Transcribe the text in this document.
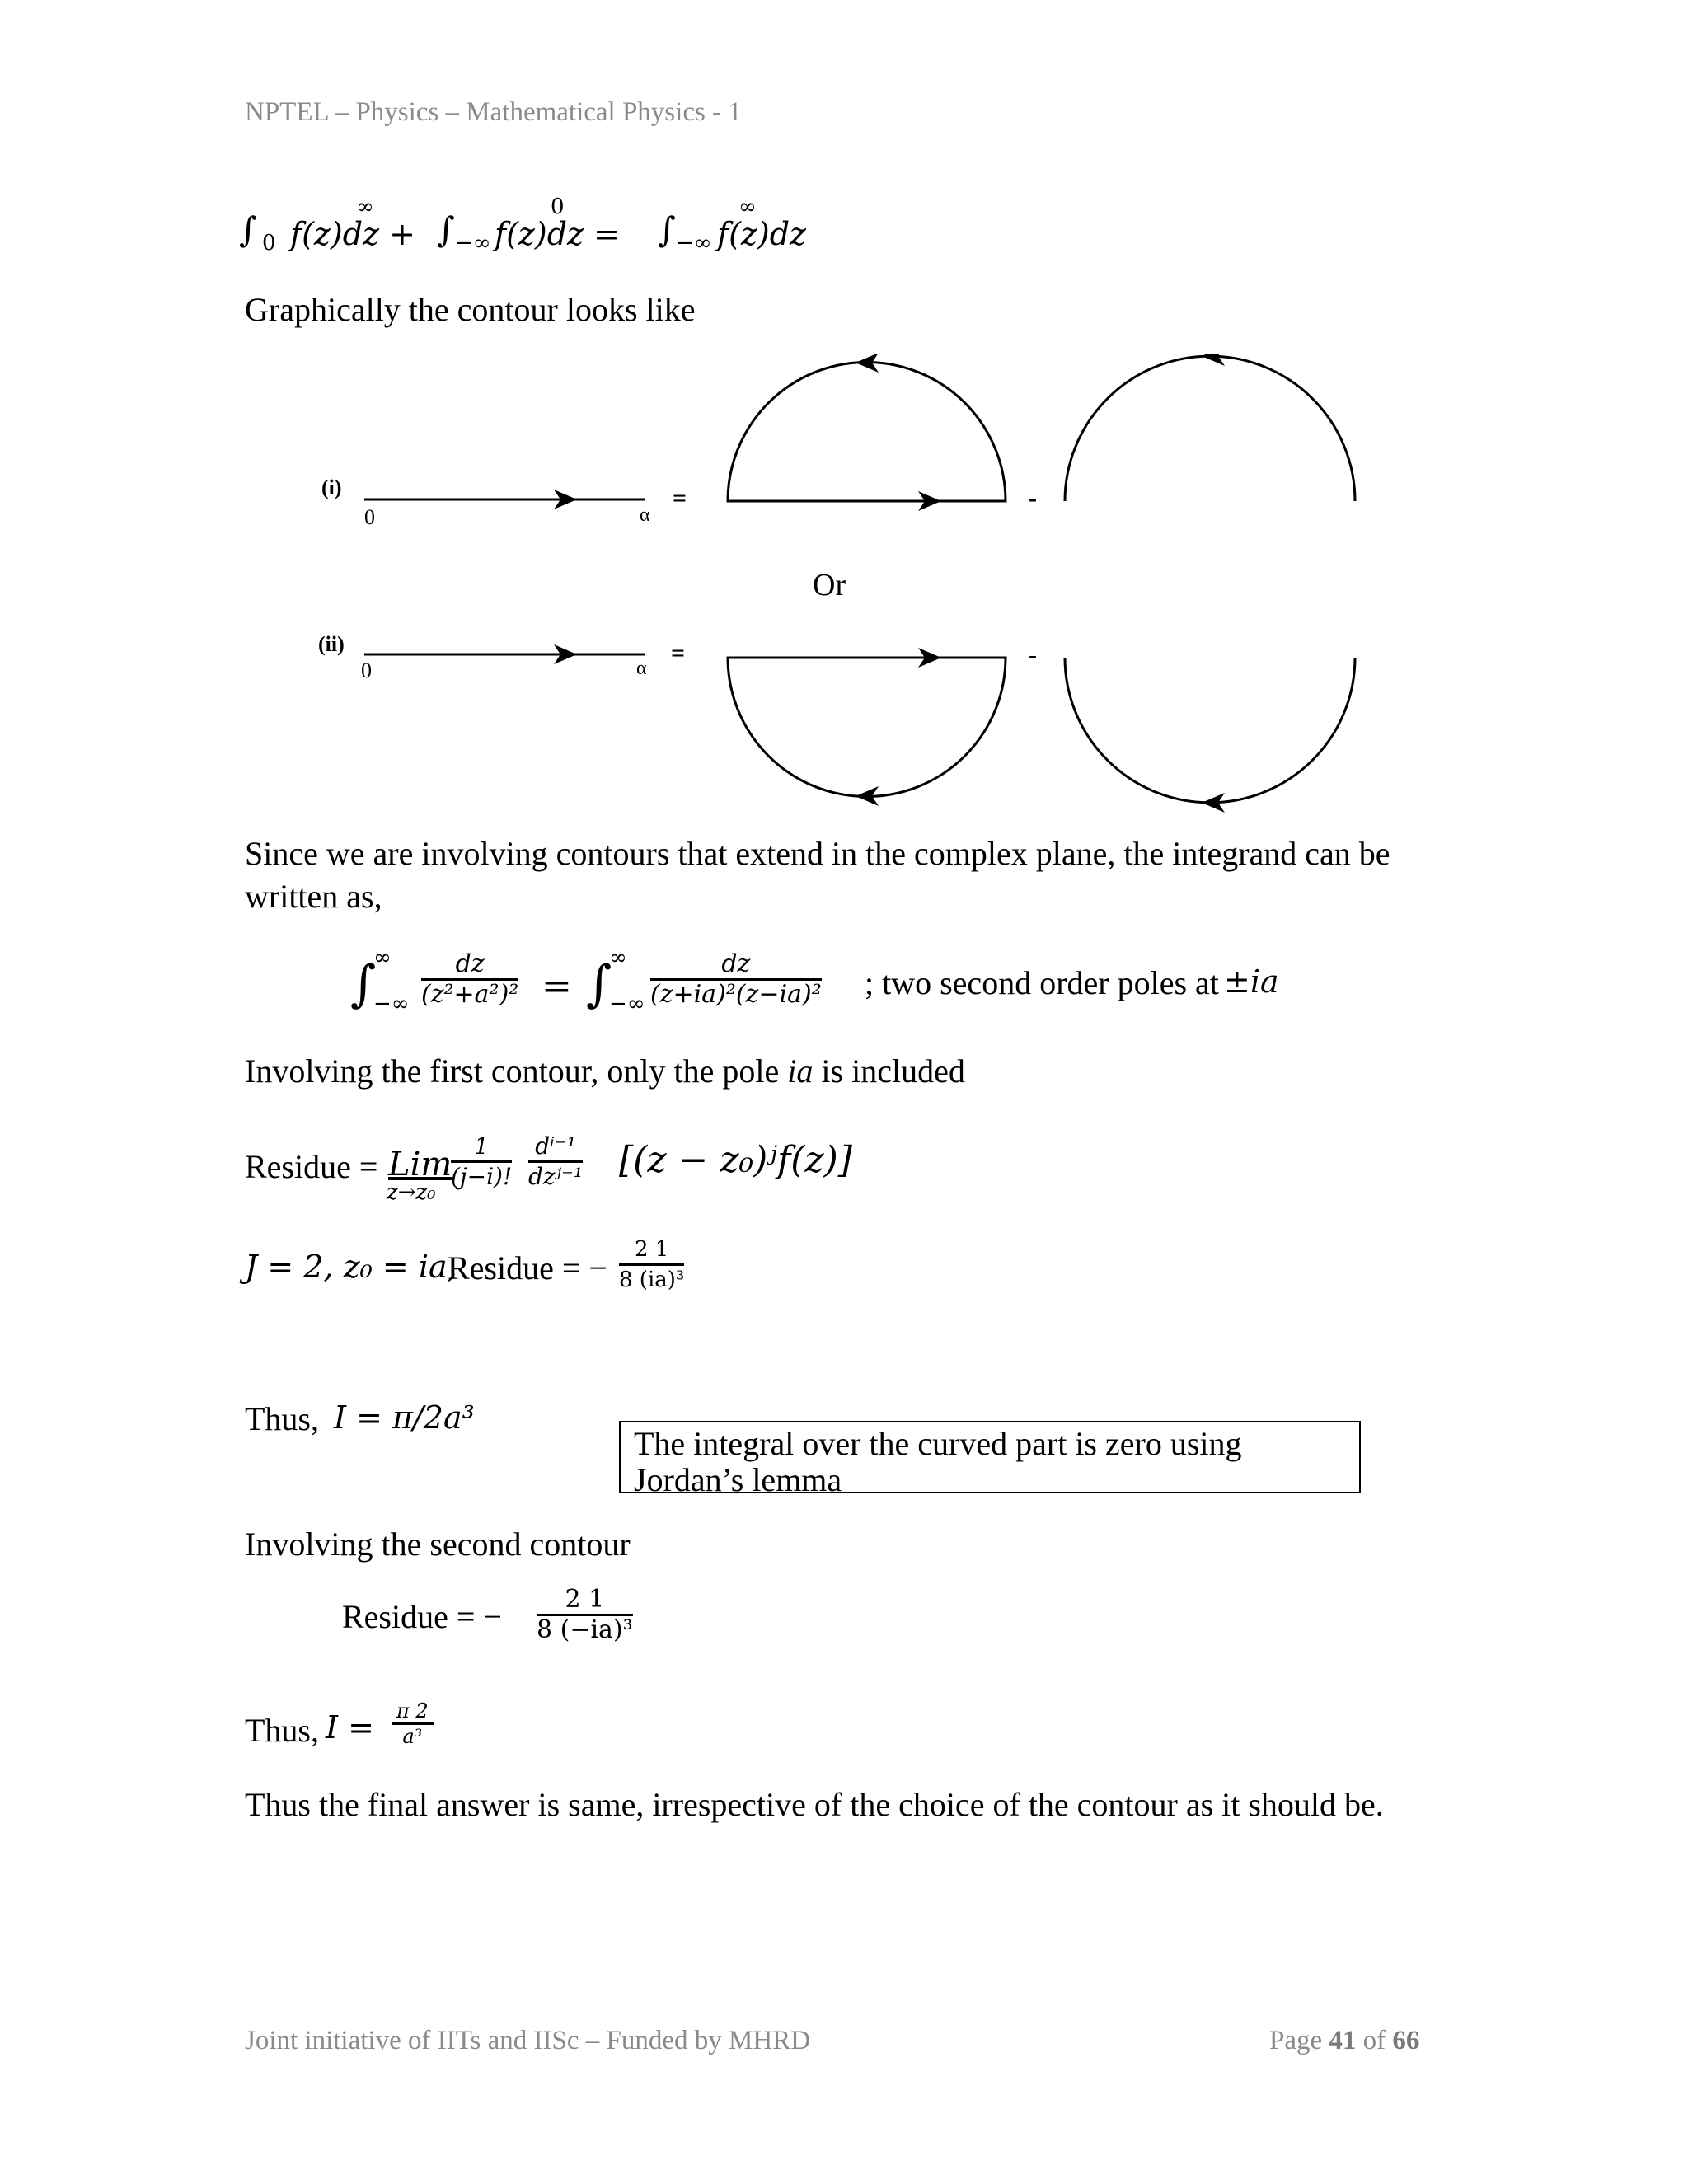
NPTEL – Physics – Mathematical Physics - 1
∫ 0 f(z)dz +
∞
∫ −∞ f(z)dz =
0
∫ −∞ f(z)dz
∞
Graphically the contour looks like
(i)
0	α
=	-
Or
(ii)
0	α
=	-
Since we are involving contours that extend in the complex plane, the integrand can be
written as,
∫
∞
−∞ $\frac{dz}{\text{(z²+a²)²}}$ = ∫
∞
−∞ $\frac{dz}{\text{(z+ia)²(z−ia)²}}$ ; two second order poles at ±ia
Involving the first contour, only the pole ia is included
Residue = Lim
z→z₀
$\frac{1}{(j-i)!} d^{i-1}$
dzʲ⁻¹ [(z − z₀)ʲf(z)]
J = 2, z₀ = ia,
Residue = − $\frac{2 1}{\text{8 (ia)³}}$
Thus, I = π/2a³
The integral over the curved part is zero using Jordan’s lemma
Involving the second contour
Residue = − $\frac{2 1}{\text{8 (−ia)³}}$
Thus, $I = \frac{\pi 2}{\text{a³}}$
Thus the final answer is same, irrespective of the choice of the contour as it should be.
Joint initiative of IITs and IISc – Funded by MHRD	Page 41 of 66
